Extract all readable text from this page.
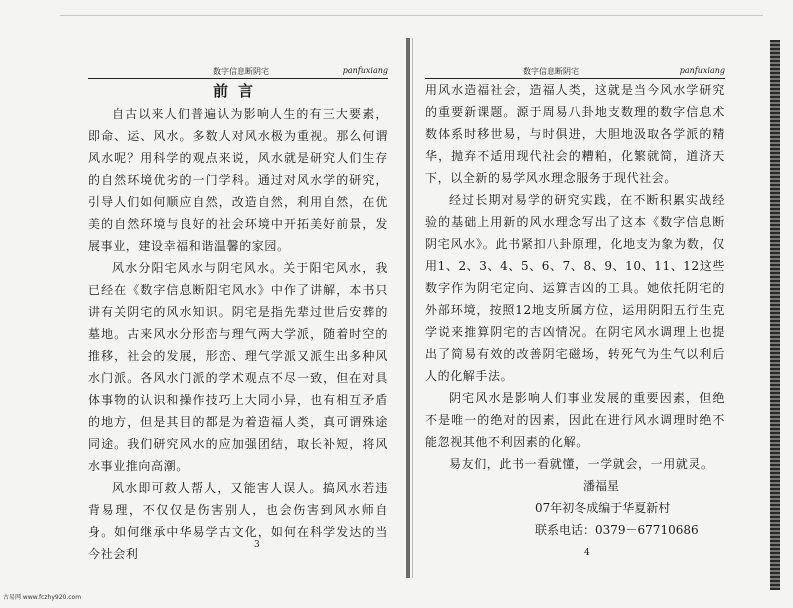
数字信息断阴宅	panfuxiang
前言

自古以来人们普遍认为影响人生的有三大要素，即命、运、风水。多数人对风水极为重视。那么何谓风水呢？用科学的观点来说，风水就是研究人们生存的自然环境优劣的一门学科。通过对风水学的研究，引导人们如何顺应自然，改造自然，利用自然，在优美的自然环境与良好的社会环境中开拓美好前景，发展事业，建设幸福和谐温馨的家园。

风水分阳宅风水与阴宅风水。关于阳宅风水，我已经在《数字信息断阳宅风水》中作了讲解，本书只讲有关阴宅的风水知识。阴宅是指先辈过世后安葬的墓地。古来风水分形峦与理气两大学派，随着时空的推移，社会的发展，形峦、理气学派又派生出多种风水门派。各风水门派的学术观点不尽一致，但在对具体事物的认识和操作技巧上大同小异，也有相互矛盾的地方，但是其目的都是为着造福人类，真可谓殊途同途。我们研究风水的应加强团结，取长补短，将风水事业推向高潮。

风水即可救人帮人，又能害人误人。搞风水若违背易理，不仅仅是伤害别人，也会伤害到风水师自身。如何继承中华易学古文化，如何在科学发达的当今社会利

3
数字信息断阴宅	panfuxiang

用风水造福社会，造福人类，这就是当今风水学研究的重要新课题。源于周易八卦地支数理的数字信息术数体系时移世易，与时俱进，大胆地汲取各学派的精华，抛弃不适用现代社会的糟粕，化繁就简，道济天下，以全新的易学风水理念服务于现代社会。

经过长期对易学的研究实践，在不断积累实战经验的基础上用新的风水理念写出了这本《数字信息断阴宅风水》。此书紧扣八卦原理，化地支为象为数，仅用1、2、3、4、5、6、7、8、9、10、11、12这些数字作为阴宅定向、运算吉凶的工具。她依托阴宅的外部环境，按照12地支所属方位，运用阴阳五行生克学说来推算阴宅的吉凶情况。在阴宅风水调理上也提出了简易有效的改善阴宅磁场，转死气为生气以利后人的化解手法。

阴宅风水是影响人们事业发展的重要因素，但绝不是唯一的绝对的因素，因此在进行风水调理时绝不能忽视其他不利因素的化解。

易友们，此书一看就懂，一学就会，一用就灵。

潘福星

07年初冬成编于华夏新村

联系电话：0379－67710686

4
古易网 www.fczhy920.com
